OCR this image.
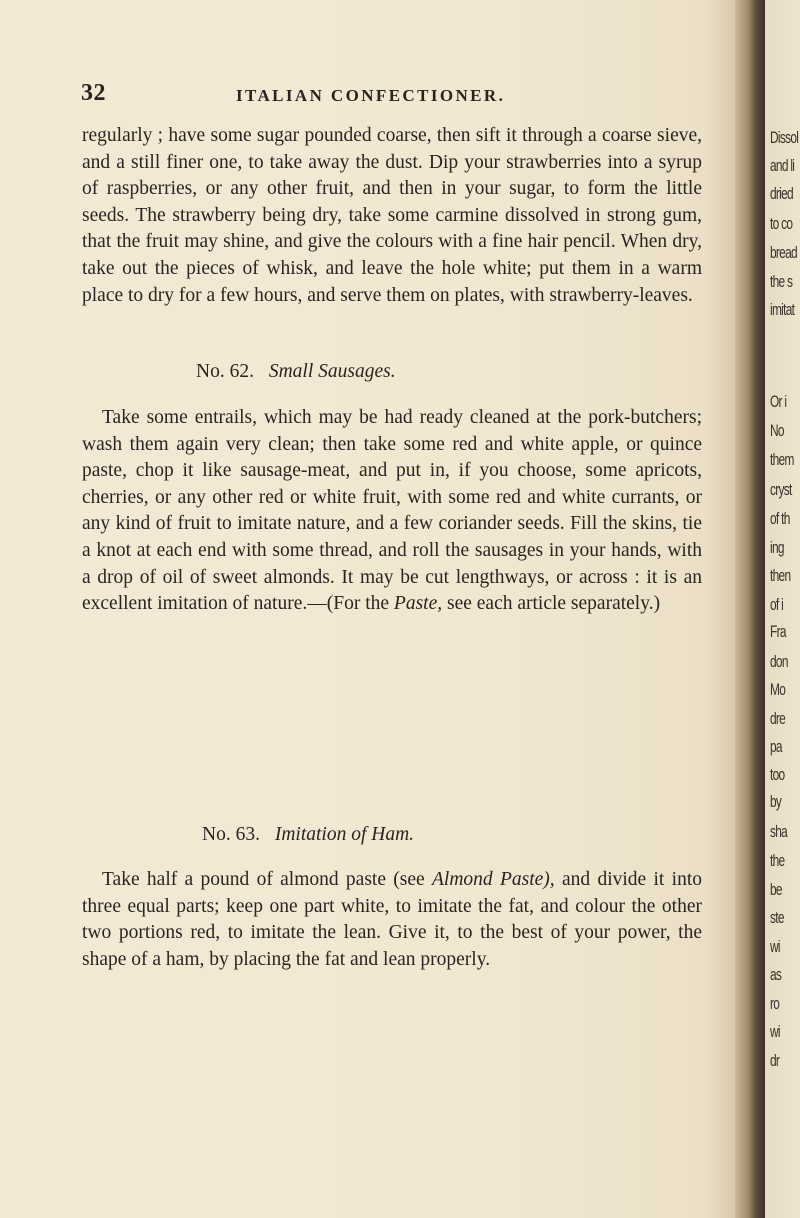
32	ITALIAN CONFECTIONER.

regularly ; have some sugar pounded coarse, then sift it through a coarse sieve, and a still finer one, to take away the dust. Dip your strawberries into a syrup of raspberries, or any other fruit, and then in your sugar, to form the little seeds. The strawberry being dry, take some carmine dissolved in strong gum, that the fruit may shine, and give the colours with a fine hair pencil. When dry, take out the pieces of whisk, and leave the hole white; put them in a warm place to dry for a few hours, and serve them on plates, with strawberry-leaves.

No. 62. Small Sausages.

Take some entrails, which may be had ready cleaned at the pork-butchers; wash them again very clean; then take some red and white apple, or quince paste, chop it like sausage-meat, and put in, if you choose, some apricots, cherries, or any other red or white fruit, with some red and white currants, or any kind of fruit to imitate nature, and a few coriander seeds. Fill the skins, tie a knot at each end with some thread, and roll the sausages in your hands, with a drop of oil of sweet almonds. It may be cut lengthways, or across : it is an excellent imitation of nature.—(For the Paste, see each article separately.)

No. 63. Imitation of Ham.

Take half a pound of almond paste (see Almond Paste), and divide it into three equal parts; keep one part white, to imitate the fat, and colour the other two portions red, to imitate the lean. Give it, to the best of your power, the shape of a ham, by placing the fat and lean properly.

Dissol
and li
dried
to co
bread
the s
imitat
Or i
No
them
cryst
of th
ing
then
of i
Fra
don
Mo
dre
pa
too
by
sha
the
be
ste
wi
as
ro
wi
dr
